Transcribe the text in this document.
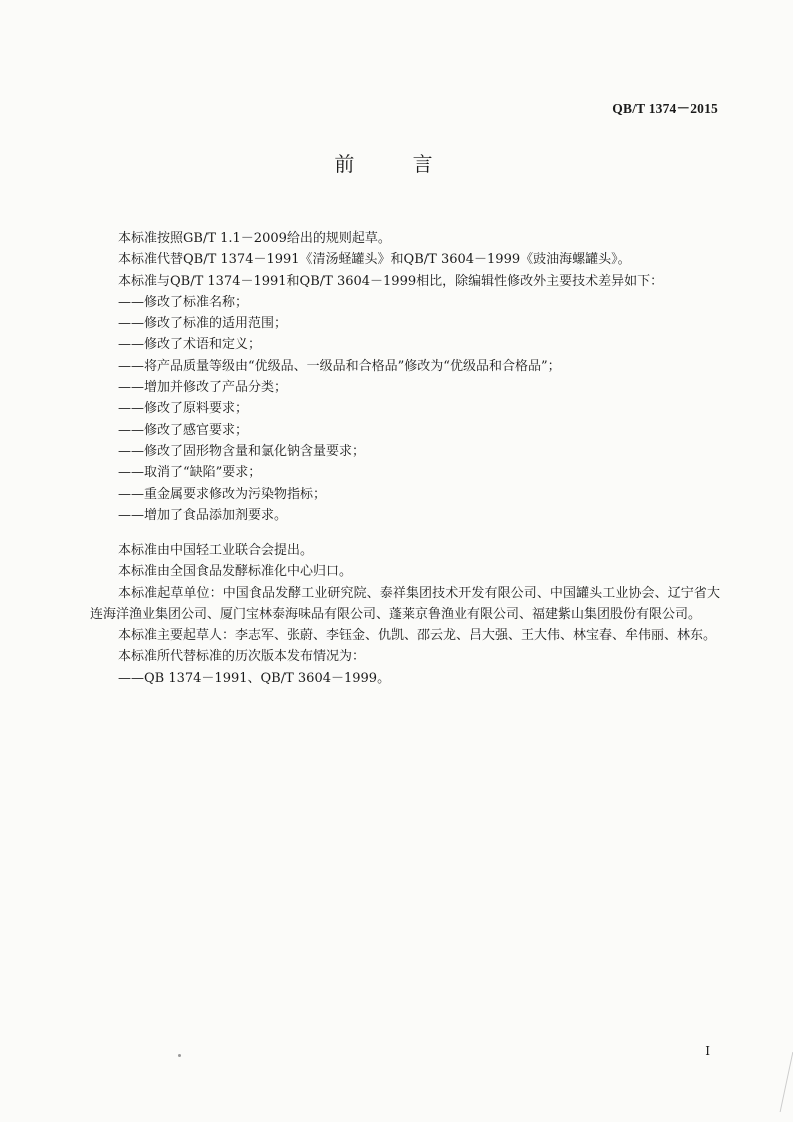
QB/T 1374－2015
前 言

本标准按照GB/T 1.1－2009给出的规则起草。

本标准代替QB/T 1374－1991《清汤蛏罐头》和QB/T 3604－1999《豉油海螺罐头》。

本标准与QB/T 1374－1991和QB/T 3604－1999相比，除编辑性修改外主要技术差异如下：

——修改了标准名称；

——修改了标准的适用范围；

——修改了术语和定义；

——将产品质量等级由“优级品、一级品和合格品”修改为“优级品和合格品”；

——增加并修改了产品分类；

——修改了原料要求；

——修改了感官要求；

——修改了固形物含量和氯化钠含量要求；

——取消了“缺陷”要求；

——重金属要求修改为污染物指标；

——增加了食品添加剂要求。

本标准由中国轻工业联合会提出。

本标准由全国食品发酵标准化中心归口。

本标准起草单位：中国食品发酵工业研究院、泰祥集团技术开发有限公司、中国罐头工业协会、辽宁省大连海洋渔业集团公司、厦门宝林泰海味品有限公司、蓬莱京鲁渔业有限公司、福建紫山集团股份有限公司。

本标准主要起草人：李志军、张蔚、李钰金、仇凯、邵云龙、吕大强、王大伟、林宝春、牟伟丽、林东。

本标准所代替标准的历次版本发布情况为：

——QB 1374－1991、QB/T 3604－1999。

I
